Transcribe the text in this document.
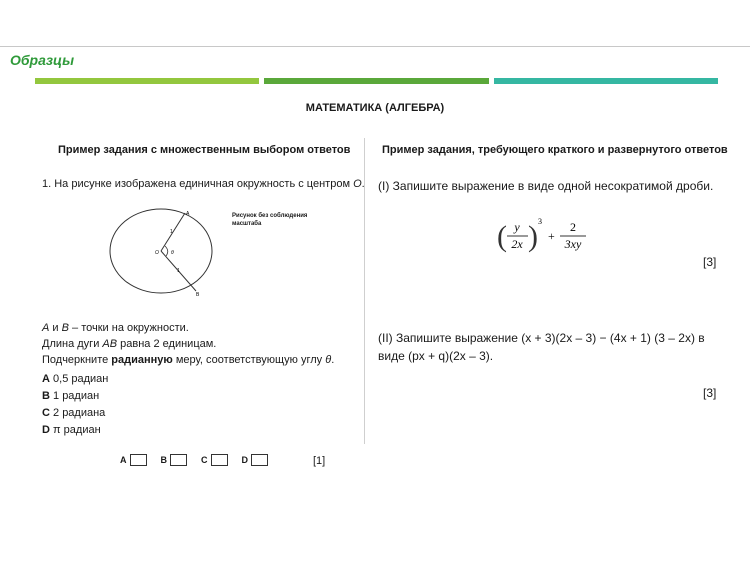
Образцы
МАТЕМАТИКА (АЛГЕБРА)
Пример задания с множественным выбором ответов
1. На рисунке изображена единичная окружность с центром O.
A
B
O θ
1
1
Рисунок без соблюдения масштаба
A и B – точки на окружности.
Длина дуги AB равна 2 единицам.
Подчеркните радианную меру, соответствующую углу θ.
A 0,5 радиан
B 1 радиан
C 2 радиана
D π радиан
A	B	C	D	[1]
Пример задания, требующего краткого и развернутого ответов
(I) Запишите выражение в виде одной несократимой дроби.
( y
2x ) 3
+
2
3xy
[3]
(II) Запишите выражение (x + 3)(2x – 3) − (4x + 1) (3 – 2x) в
виде (px + q)(2x – 3).
[3]
